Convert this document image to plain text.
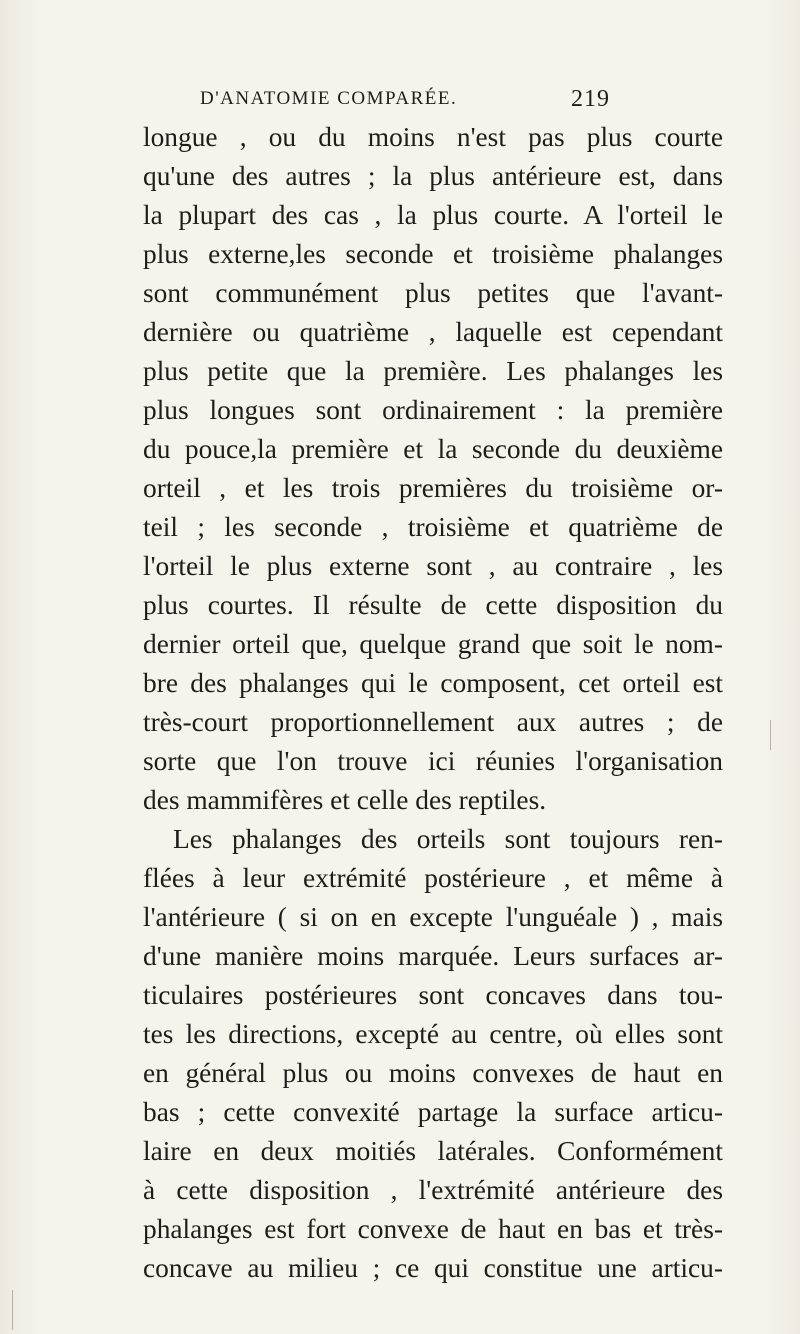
D'ANATOMIE COMPARÉE.	219
longue , ou du moins n'est pas plus courte
qu'une des autres ; la plus antérieure est, dans
la plupart des cas , la plus courte. A l'orteil le
plus externe,les seconde et troisième phalanges
sont communément plus petites que l'avant-
dernière ou quatrième , laquelle est cependant
plus petite que la première. Les phalanges les
plus longues sont ordinairement : la première
du pouce,la première et la seconde du deuxième
orteil , et les trois premières du troisième or-
teil ; les seconde , troisième et quatrième de
l'orteil le plus externe sont , au contraire , les
plus courtes. Il résulte de cette disposition du
dernier orteil que, quelque grand que soit le nom-
bre des phalanges qui le composent, cet orteil est
très-court proportionnellement aux autres ; de
sorte que l'on trouve ici réunies l'organisation
des mammifères et celle des reptiles.
Les phalanges des orteils sont toujours ren-
flées à leur extrémité postérieure , et même à
l'antérieure ( si on en excepte l'unguéale ) , mais
d'une manière moins marquée. Leurs surfaces ar-
ticulaires postérieures sont concaves dans tou-
tes les directions, excepté au centre, où elles sont
en général plus ou moins convexes de haut en
bas ; cette convexité partage la surface articu-
laire en deux moitiés latérales. Conformément
à cette disposition , l'extrémité antérieure des
phalanges est fort convexe de haut en bas et très-
concave au milieu ; ce qui constitue une articu-
